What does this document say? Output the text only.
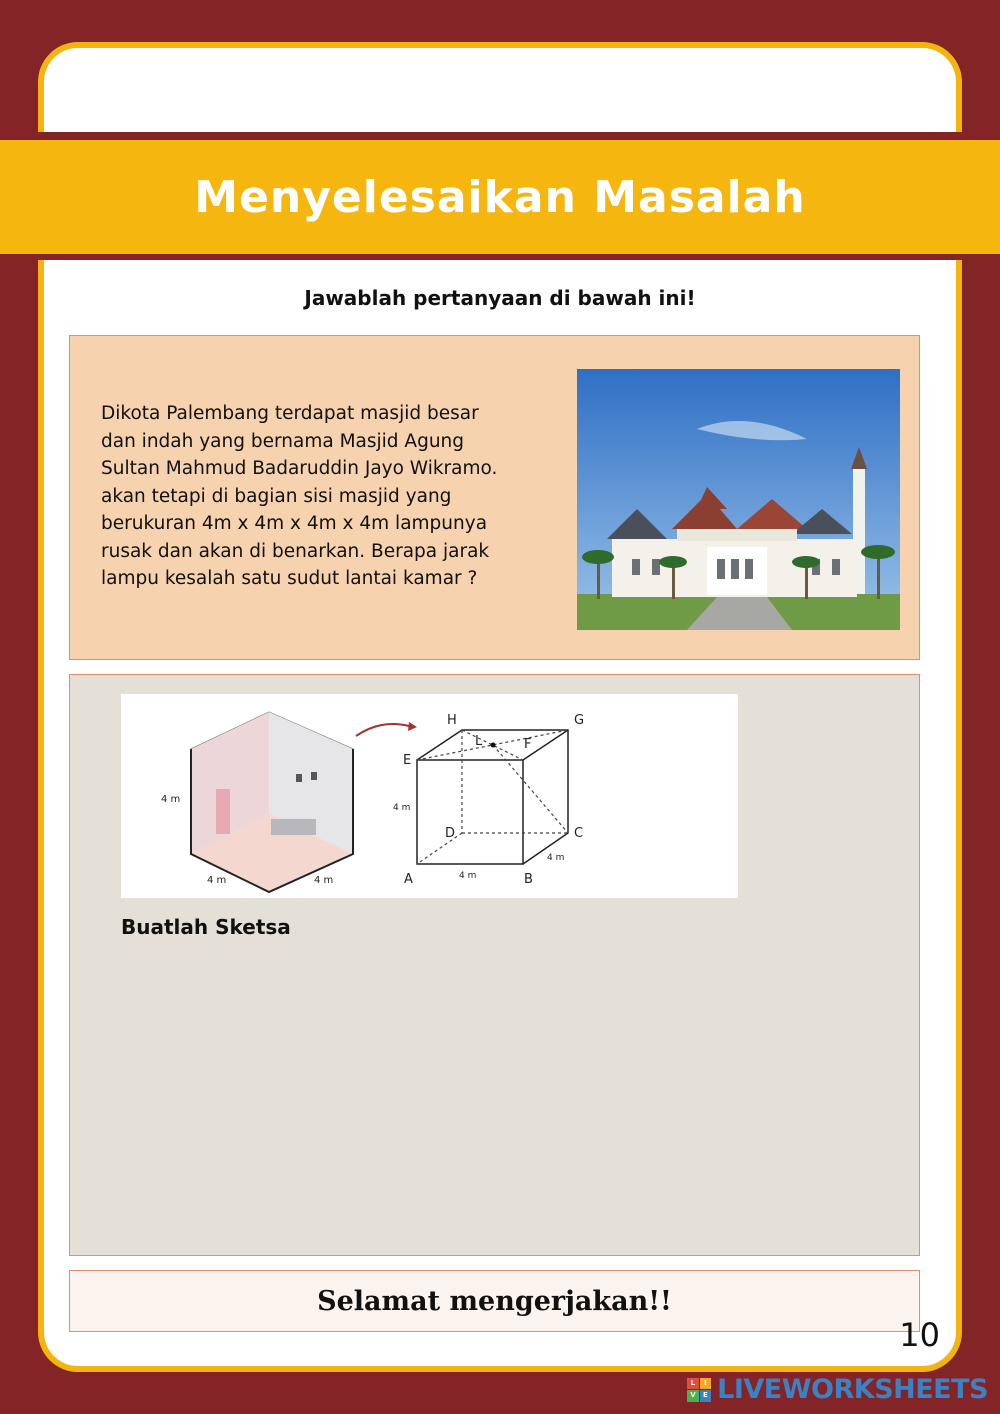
Menyelesaikan Masalah
Jawablah pertanyaan di bawah ini!
Dikota Palembang terdapat masjid besar
dan indah yang bernama Masjid Agung
Sultan Mahmud Badaruddin Jayo Wikramo.
akan tetapi di bagian sisi masjid yang
berukuran 4m x 4m x 4m x 4m lampunya
rusak dan akan di benarkan. Berapa jarak
lampu kesalah satu sudut lantai kamar ?
4 m
4 m	4 m
H	G
E
F
L
D	C
A	B
4 m
4 m
4 m
Buatlah Sketsa
Selamat mengerjakan!!
10
L	I
V	E LIVEWORKSHEETS
